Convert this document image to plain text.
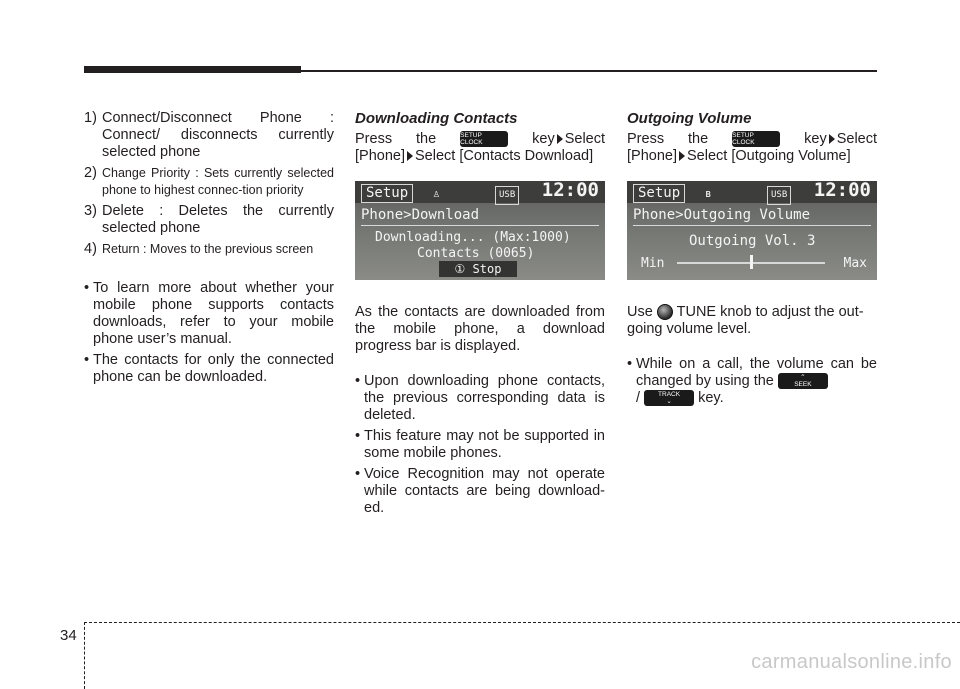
1) Connect/Disconnect Phone : Connect/ disconnects currently selected phone
2) Change Priority : Sets currently selected phone to highest connec-tion priority
3) Delete : Deletes the currently selected phone
4) Return : Moves to the previous screen
• To learn more about whether your mobile phone supports contacts downloads, refer to your mobile phone user’s manual.
• The contacts for only the connected phone can be downloaded.
Downloading Contacts

Press the	SETUP
CLOCK	key Select

[Phone] Select [Contacts Download]

Setup	♙	USB 12:00
Phone>Download
Downloading... (Max:1000)
Contacts (0065)
① Stop

As the contacts are downloaded from the mobile phone, a download progress bar is displayed.

• Upon downloading phone contacts, the previous corresponding data is deleted.
• This feature may not be supported in some mobile phones.
• Voice Recognition may not operate while contacts are being download-ed.
Outgoing Volume

Press the	SETUP
CLOCK	key Select

[Phone] Select [Outgoing Volume]

Setup	ʙ	USB 12:00
Phone>Outgoing Volume
Outgoing Vol. 3
Min	Max

Use TUNE knob to adjust the out-going volume level.

• While on a call, the volume can be changed by using the	⌃
SEEK
/	TRACK
⌄ key.
34
carmanualsonline.info
